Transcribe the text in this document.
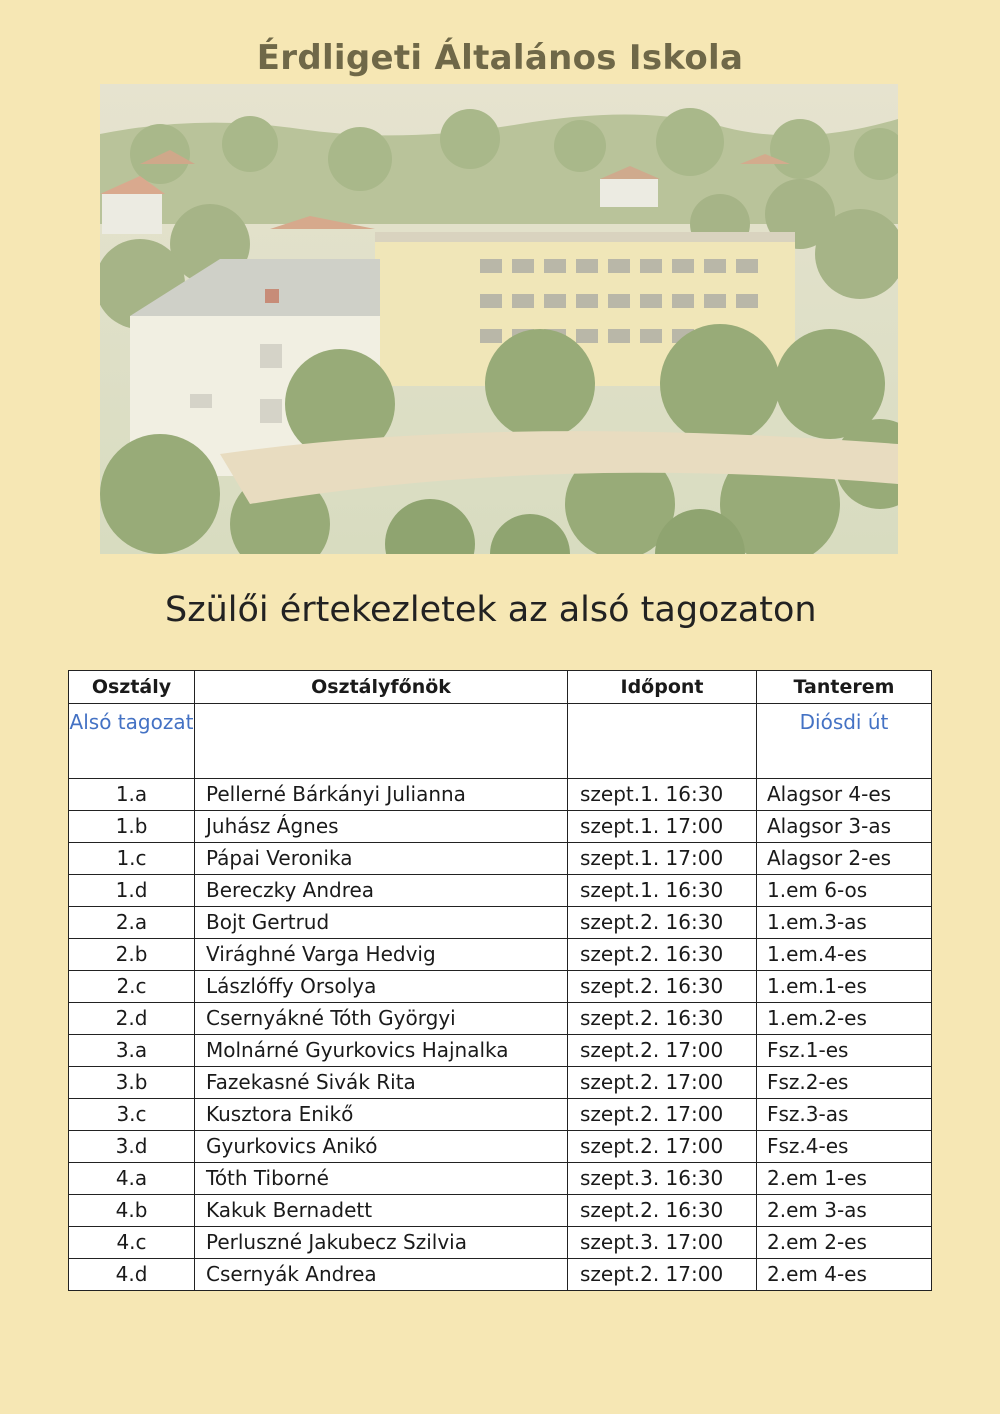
Érdligeti Általános Iskola
Szülői értekezletek az alsó tagozaton
Osztály	Osztályfőnök	Időpont	Tanterem
Alsó tagozat			Diósdi út
1.a	Pellerné Bárkányi Julianna	szept.1. 16:30	Alagsor 4-es
1.b	Juhász Ágnes	szept.1. 17:00	Alagsor 3-as
1.c	Pápai Veronika	szept.1. 17:00	Alagsor 2-es
1.d	Bereczky Andrea	szept.1. 16:30	1.em 6-os
2.a	Bojt Gertrud	szept.2. 16:30	1.em.3-as
2.b	Virághné Varga Hedvig	szept.2. 16:30	1.em.4-es
2.c	Lászlóffy Orsolya	szept.2. 16:30	1.em.1-es
2.d	Csernyákné Tóth Györgyi	szept.2. 16:30	1.em.2-es
3.a	Molnárné Gyurkovics Hajnalka	szept.2. 17:00	Fsz.1-es
3.b	Fazekasné Sivák Rita	szept.2. 17:00	Fsz.2-es
3.c	Kusztora Enikő	szept.2. 17:00	Fsz.3-as
3.d	Gyurkovics Anikó	szept.2. 17:00	Fsz.4-es
4.a	Tóth Tiborné	szept.3. 16:30	2.em 1-es
4.b	Kakuk Bernadett	szept.2. 16:30	2.em 3-as
4.c	Perluszné Jakubecz Szilvia	szept.3. 17:00	2.em 2-es
4.d	Csernyák Andrea	szept.2. 17:00	2.em 4-es
